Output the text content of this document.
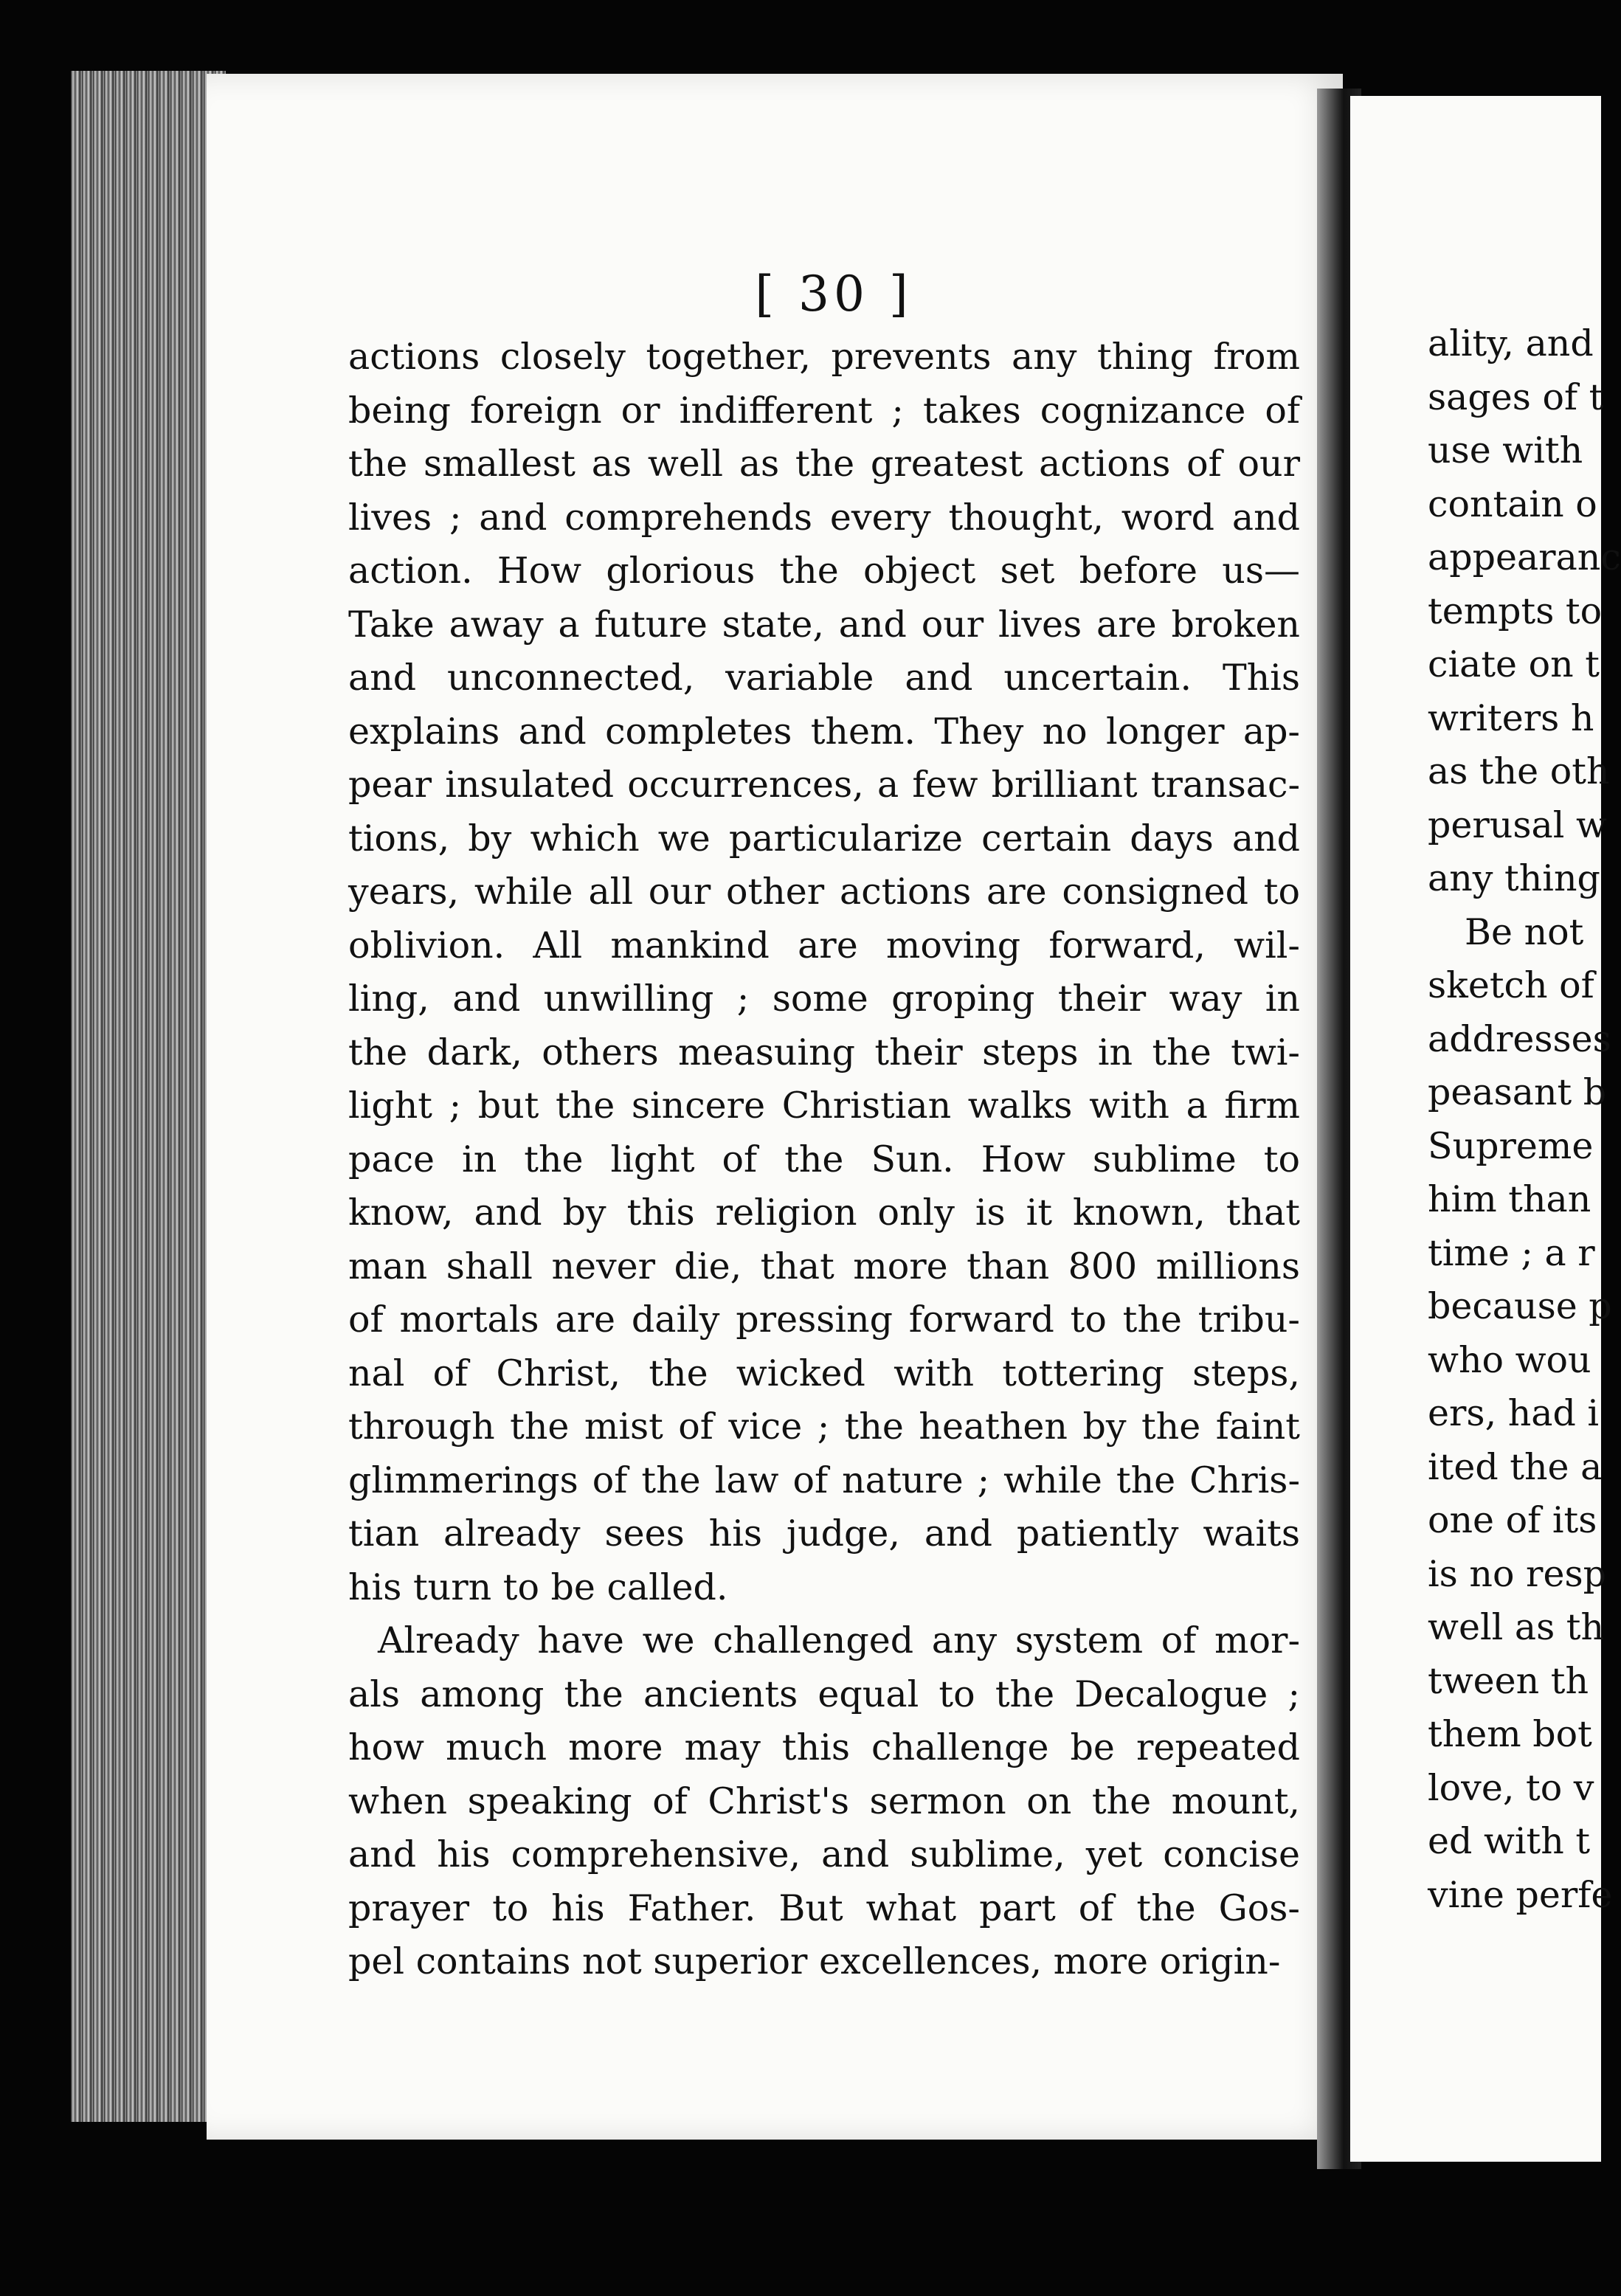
[ 30 ]
actions closely together, prevents any thing from
being foreign or indifferent ; takes cognizance of
the smallest as well as the greatest actions of our
lives ; and comprehends every thought, word and
action. How glorious the object set before us—
Take away a future state, and our lives are broken
and unconnected, variable and uncertain. This
explains and completes them. They no longer ap-
pear insulated occurrences, a few brilliant transac-
tions, by which we particularize certain days and
years, while all our other actions are consigned to
oblivion. All mankind are moving forward, wil-
ling, and unwilling ; some groping their way in
the dark, others measuing their steps in the twi-
light ; but the sincere Christian walks with a firm
pace in the light of the Sun. How sublime to
know, and by this religion only is it known, that
man shall never die, that more than 800 millions
of mortals are daily pressing forward to the tribu-
nal of Christ, the wicked with tottering steps,
through the mist of vice ; the heathen by the faint
glimmerings of the law of nature ; while the Chris-
tian already sees his judge, and patiently waits
his turn to be called.
Already have we challenged any system of mor-
als among the ancients equal to the Decalogue ;
how much more may this challenge be repeated
when speaking of Christ's sermon on the mount,
and his comprehensive, and sublime, yet concise
prayer to his Father. But what part of the Gos-
pel contains not superior excellences, more origin-
ality, and
sages of t
use with
contain o
appearanc
tempts to
ciate on t
writers h
as the oth
perusal w
any thing
Be not
sketch of
addresses
peasant b
Supreme
him than
time ; a r
because p
who wou
ers, had i
ited the a
one of its
is no resp
well as th
tween th
them bot
love, to v
ed with t
vine perfe
